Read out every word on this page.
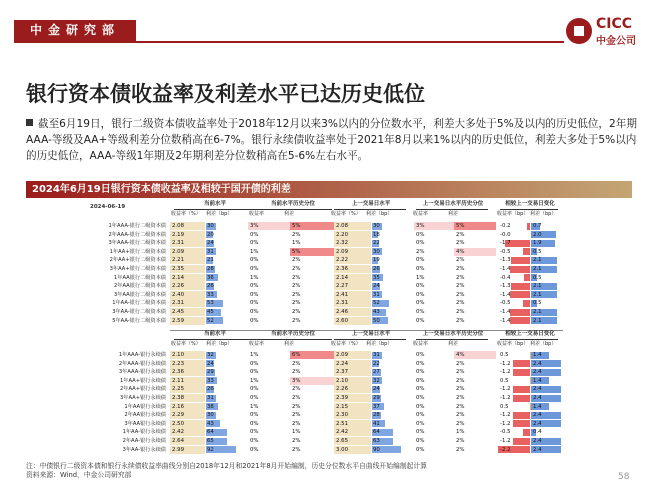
中金研究部	CICC
中金公司
银行资本债收益率及利差水平已达历史低位
截至6月19日，银行二级资本债收益率处于2018年12月以来3%以内的分位数水平，利差大多处于5%及以内的历史低位，2年期AAA-等级及AA+等级利差分位数稍高在6-7%。银行永续债收益率处于2021年8月以来1%以内的历史低位，利差大多处于5%以内的历史低位，AAA-等级1年期及2年期利差分位数稍高在5-6%左右水平。
2024年6月19日银行资本债收益率及相较于国开债的利差
2024-06-19	当前水平
收益率（%） 利差（bp）
当前水平历史分位
收益率	利差
上一交易日水平
收益率（%） 利差（bp）
上一交易日水平历史分位
收益率	利差
相较上一交易日变化
收益率（bp） 利差（bp）
1年AAA-银行二级资本债	2.08	30	3%	5%	2.08	30	3%	5%	-0.2	0.7
2年AAA-银行二级资本债	2.19	20	0%	2%	2.20	18	0%	2%	-0.0	2.0
3年AAA-银行二级资本债	2.31	24	0%	1%	2.32	22	0%	2%	-1.7	1.9
1年AA+银行二级资本债	2.09	31	1%	5%	2.09	30	2%	4%	-0.5	0.5
2年AA+银行二级资本债	2.21	21	0%	2%	2.22	19	0%	2%	-1.3	2.1
3年AA+银行二级资本债	2.35	28	0%	2%	2.36	26	0%	2%	-1.4	2.1
1年AA银行二级资本债	2.14	36	1%	2%	2.14	35	1%	2%	-0.4	0.5
2年AA银行二级资本债	2.26	26	0%	2%	2.27	24	0%	2%	-1.3	2.1
3年AA银行二级资本债	2.40	33	0%	2%	2.41	31	0%	2%	-1.4	2.1
1年AA-银行二级资本债	2.31	53	0%	2%	2.31	52	0%	2%	-0.5	0.5
3年AA-银行二级资本债	2.45	45	0%	2%	2.46	43	0%	2%	-1.4	2.1
5年AA-银行二级资本债	2.59	52	0%	2%	2.60	50	0%	2%	-1.4	2.1
当前水平
收益率（%） 利差（bp）
当前水平历史分位
收益率	利差
上一交易日水平
收益率（%） 利差（bp）
上一交易日水平历史分位
收益率	利差
相较上一交易日变化
收益率（bp） 利差（bp）
1年AAA-银行永续债	2.10	32	1%	6%	2.09	31	0%	4%	0.5	1.4
2年AAA-银行永续债	2.23	24	0%	2%	2.24	22	0%	2%	-1.2	2.4
3年AAA-银行永续债	2.36	29	0%	2%	2.37	27	0%	2%	-1.2	2.4
1年AA+银行永续债	2.11	33	1%	3%	2.10	32	0%	2%	0.5	1.4
2年AA+银行永续债	2.25	26	0%	2%	2.26	24	0%	2%	-1.2	2.4
3年AA+银行永续债	2.38	31	0%	2%	2.39	29	0%	2%	-1.2	2.4
1年AA银行永续债	2.16	38	1%	2%	2.15	37	0%	2%	0.5	1.4
2年AA银行永续债	2.29	30	0%	2%	2.30	28	0%	2%	-1.2	2.4
3年AA银行永续债	2.50	43	0%	2%	2.51	41	0%	2%	-1.2	2.4
1年AA-银行永续债	2.42	64	0%	1%	2.42	64	0%	1%	-0.5	0.4
2年AA-银行永续债	2.64	65	0%	2%	2.65	63	0%	2%	-1.2	2.4
3年AA-银行永续债	2.99	92	0%	2%	3.00	90	0%	2%	-2.2	2.4
注：中债银行二级资本债和银行永续债收益率曲线分别自2018年12月和2021年8月开始编制，历史分位数水平自曲线开始编制起计算
资料来源：Wind，中金公司研究部	58
